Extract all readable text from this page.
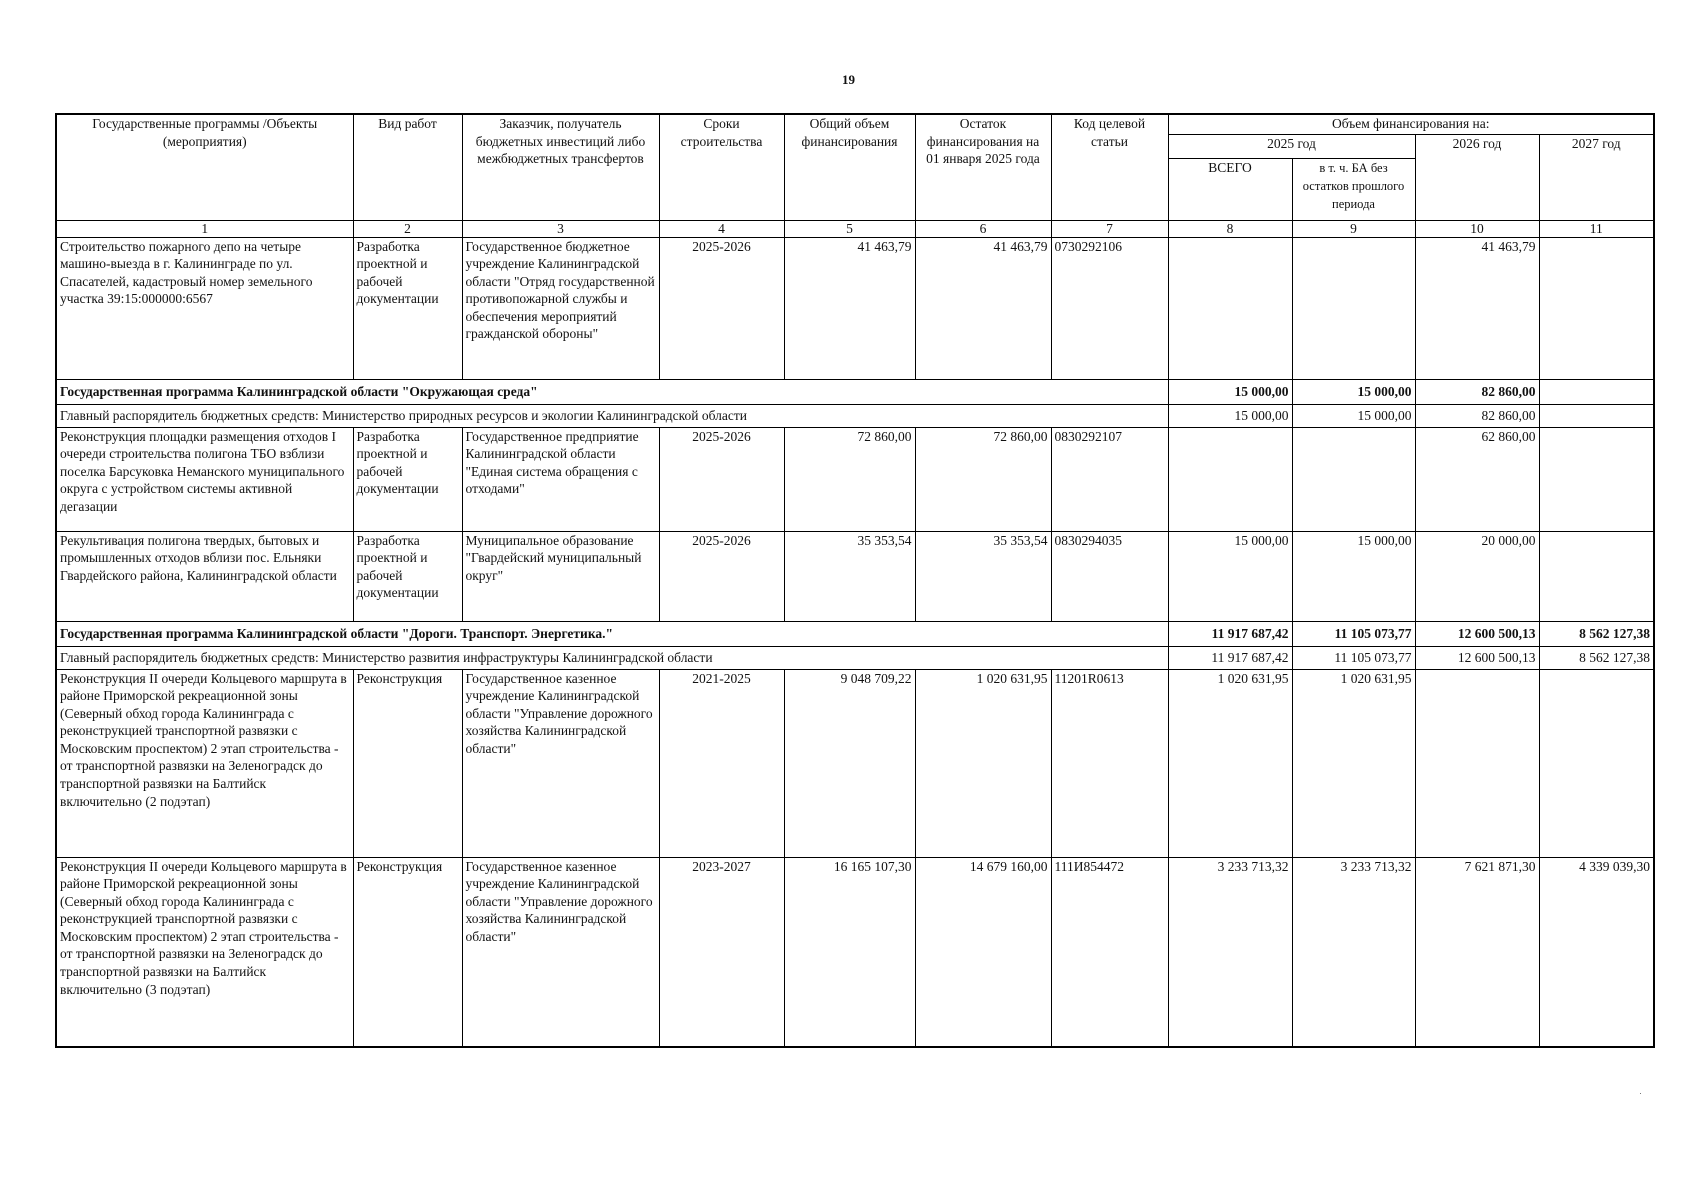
19
Государственные программы /Объекты (мероприятия)	Вид работ	Заказчик, получатель бюджетных инвестиций либо межбюджетных трансфертов	Сроки строительства	Общий объем финансирования	Остаток финансирования на 01 января 2025 года	Код целевой статьи	Объем финансирования на:			
							2025 год		2026 год	2027 год
							ВСЕГО	в т. ч. БА без остатков прошлого периода		
1	2	3	4	5	6	7	8	9	10	11
Строительство пожарного депо на четыре машино-выезда в г. Калининграде по ул. Спасателей, кадастровый номер земельного участка 39:15:000000:6567	Разработка проектной и рабочей документации	Государственное бюджетное учреждение Калининградской области "Отряд государственной противопожарной службы и обеспечения мероприятий гражданской обороны"	2025-2026	41 463,79	41 463,79	0730292106			41 463,79	
Государственная программа Калининградской области "Окружающая среда"							15 000,00	15 000,00	82 860,00	
Главный распорядитель бюджетных средств: Министерство природных ресурсов и экологии Калининградской области							15 000,00	15 000,00	82 860,00	
Реконструкция площадки размещения отходов I очереди строительства полигона ТБО взблизи поселка Барсуковка Неманского муниципального округа с устройством системы активной дегазации	Разработка проектной и рабочей документации	Государственное предприятие Калининградской области "Единая система обращения с отходами"	2025-2026	72 860,00	72 860,00	0830292107			62 860,00	
Рекультивация полигона твердых, бытовых и промышленных отходов вблизи пос. Ельняки Гвардейского района, Калининградской области	Разработка проектной и рабочей документации	Муниципальное образование "Гвардейский муниципальный округ"	2025-2026	35 353,54	35 353,54	0830294035	15 000,00	15 000,00	20 000,00	
Государственная программа Калининградской области "Дороги. Транспорт. Энергетика."							11 917 687,42	11 105 073,77	12 600 500,13	8 562 127,38
Главный распорядитель бюджетных средств: Министерство развития инфраструктуры Калининградской области							11 917 687,42	11 105 073,77	12 600 500,13	8 562 127,38
Реконструкция II очереди Кольцевого маршрута в районе Приморской рекреационной зоны (Северный обход города Калининграда с реконструкцией транспортной развязки с Московским проспектом) 2 этап строительства - от транспортной развязки на Зеленоградск до транспортной развязки на Балтийск включительно (2 подэтап)	Реконструкция	Государственное казенное учреждение Калининградской области "Управление дорожного хозяйства Калининградской области"	2021-2025	9 048 709,22	1 020 631,95	11201R0613	1 020 631,95	1 020 631,95		
Реконструкция II очереди Кольцевого маршрута в районе Приморской рекреационной зоны (Северный обход города Калининграда с реконструкцией транспортной развязки с Московским проспектом) 2 этап строительства - от транспортной развязки на Зеленоградск до транспортной развязки на Балтийск включительно (3 подэтап)	Реконструкция	Государственное казенное учреждение Калининградской области "Управление дорожного хозяйства Калининградской области"	2023-2027	16 165 107,30	14 679 160,00	111И854472	3 233 713,32	3 233 713,32	7 621 871,30	4 339 039,30
